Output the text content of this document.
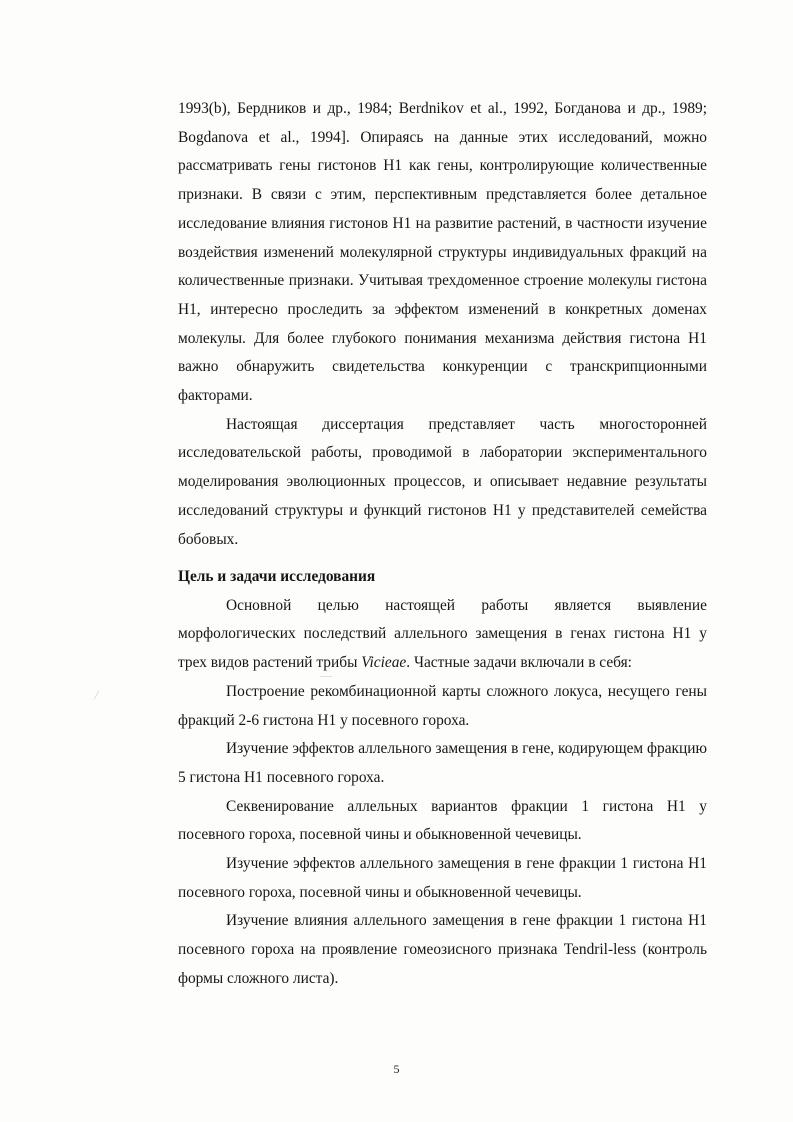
1993(b), Бердников и др., 1984; Berdnikov et al., 1992, Богданова и др., 1989; Bogdanova et al., 1994]. Опираясь на данные этих исследований, можно рассматривать гены гистонов Н1 как гены, контролирующие количественные признаки. В связи с этим, перспективным представляется более детальное исследование влияния гистонов Н1 на развитие растений, в частности изучение воздействия изменений молекулярной структуры индивидуальных фракций на количественные признаки. Учитывая трехдоменное строение молекулы гистона Н1, интересно проследить за эффектом изменений в конкретных доменах молекулы. Для более глубокого понимания механизма действия гистона Н1 важно обнаружить свидетельства конкуренции с транскрипционными факторами.

Настоящая диссертация представляет часть многосторонней исследовательской работы, проводимой в лаборатории экспериментального моделирования эволюционных процессов, и описывает недавние результаты исследований структуры и функций гистонов Н1 у представителей семейства бобовых.

Цель и задачи исследования

Основной целью настоящей работы является выявление морфологических последствий аллельного замещения в генах гистона Н1 у трех видов растений трибы Vicieae. Частные задачи включали в себя:

Построение рекомбинационной карты сложного локуса, несущего гены фракций 2-6 гистона Н1 у посевного гороха.

Изучение эффектов аллельного замещения в гене, кодирующем фракцию 5 гистона Н1 посевного гороха.

Секвенирование аллельных вариантов фракции 1 гистона Н1 у посевного гороха, посевной чины и обыкновенной чечевицы.

Изучение эффектов аллельного замещения в гене фракции 1 гистона Н1 посевного гороха, посевной чины и обыкновенной чечевицы.

Изучение влияния аллельного замещения в гене фракции 1 гистона Н1 посевного гороха на проявление гомеозисного признака Tendril-less (контроль формы сложного листа).

5
